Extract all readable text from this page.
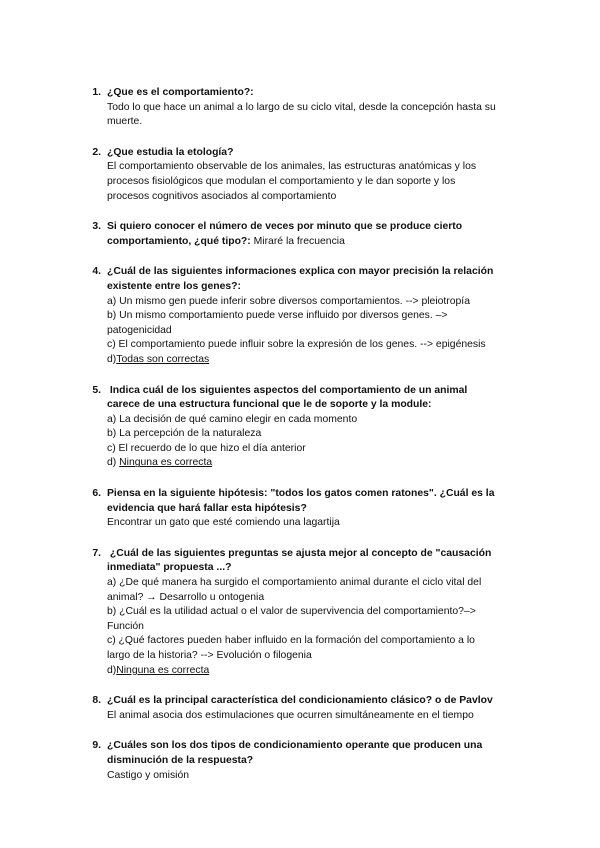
1. ¿Que es el comportamiento?:
Todo lo que hace un animal a lo largo de su ciclo vital, desde la concepción hasta su
muerte.
2. ¿Que estudia la etología?
El comportamiento observable de los animales, las estructuras anatómicas y los
procesos fisiológicos que modulan el comportamiento y le dan soporte y los
procesos cognitivos asociados al comportamiento
3. Si quiero conocer el número de veces por minuto que se produce cierto
comportamiento, ¿qué tipo?: Miraré la frecuencia
4. ¿Cuál de las siguientes informaciones explica con mayor precisión la relación
existente entre los genes?:
a) Un mismo gen puede inferir sobre diversos comportamientos. --> pleiotropía
b) Un mismo comportamiento puede verse influido por diversos genes. –>
patogenicidad
c) El comportamiento puede influir sobre la expresión de los genes. --> epigénesis
d)Todas son correctas
5. Indica cuál de los siguientes aspectos del comportamiento de un animal
carece de una estructura funcional que le de soporte y la module:
a) La decisión de qué camino elegir en cada momento
b) La percepción de la naturaleza
c) El recuerdo de lo que hizo el día anterior
d) Ninguna es correcta
6. Piensa en la siguiente hipótesis: "todos los gatos comen ratones". ¿Cuál es la
evidencia que hará fallar esta hipótesis?
Encontrar un gato que esté comiendo una lagartija
7. ¿Cuál de las siguientes preguntas se ajusta mejor al concepto de "causación
inmediata" propuesta ...?
a) ¿De qué manera ha surgido el comportamiento animal durante el ciclo vital del
animal? → Desarrollo u ontogenia
b) ¿Cuál es la utilidad actual o el valor de supervivencia del comportamiento?–>
Función
c) ¿Qué factores pueden haber influido en la formación del comportamiento a lo
largo de la historia? --> Evolución o filogenia
d)Ninguna es correcta
8. ¿Cuál es la principal característica del condicionamiento clásico? o de Pavlov
El animal asocia dos estimulaciones que ocurren simultáneamente en el tiempo
9. ¿Cuáles son los dos tipos de condicionamiento operante que producen una
disminución de la respuesta?
Castigo y omisión
